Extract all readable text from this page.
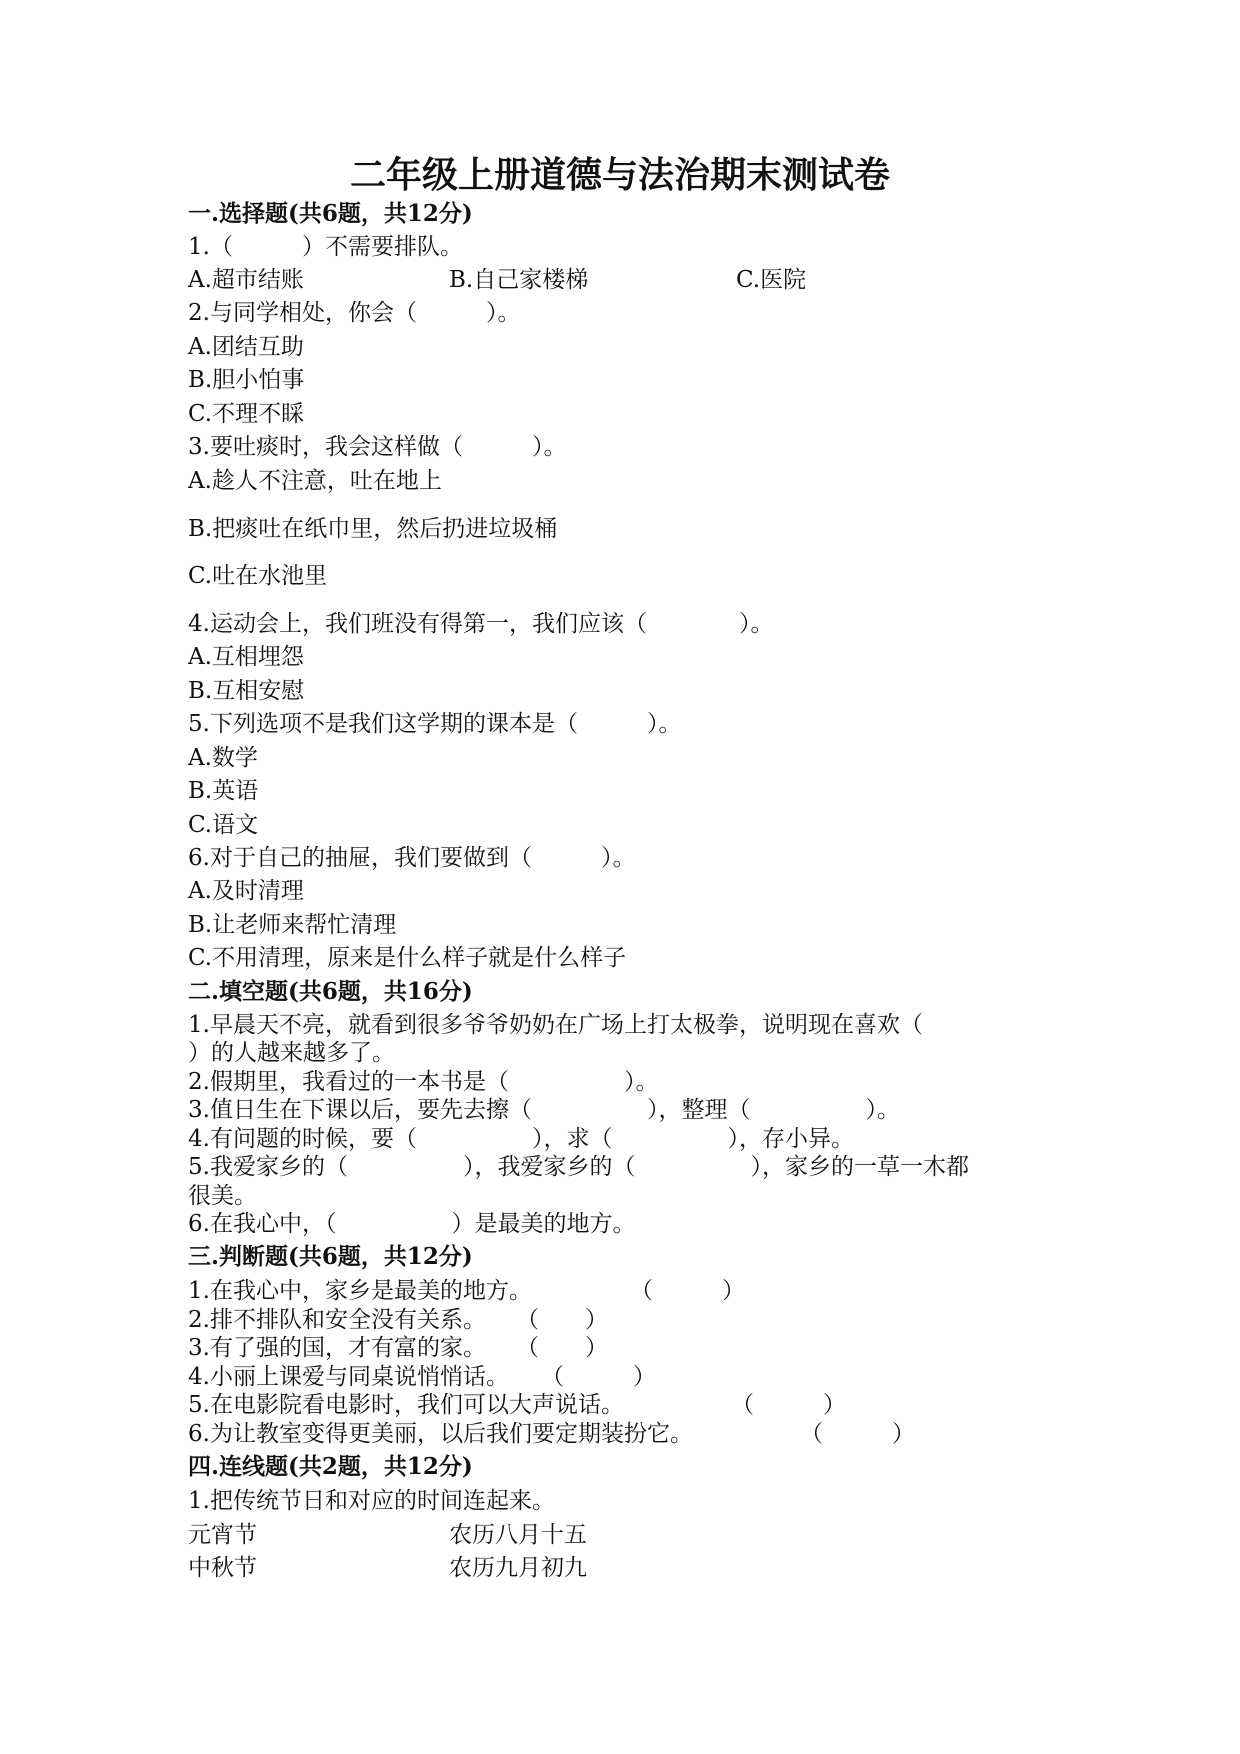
二年级上册道德与法治期末测试卷
一.选择题(共6题，共12分)
1.（　　　）不需要排队。
A.超市结账	B.自己家楼梯	C.医院
2.与同学相处，你会（　　　）。
A.团结互助
B.胆小怕事
C.不理不睬
3.要吐痰时，我会这样做（　　　）。
A.趁人不注意，吐在地上
B.把痰吐在纸巾里，然后扔进垃圾桶
C.吐在水池里
4.运动会上，我们班没有得第一，我们应该（　　　　）。
A.互相埋怨
B.互相安慰
5.下列选项不是我们这学期的课本是（　　　）。
A.数学
B.英语
C.语文
6.对于自己的抽屉，我们要做到（　　　）。
A.及时清理
B.让老师来帮忙清理
C.不用清理，原来是什么样子就是什么样子
二.填空题(共6题，共16分)
1.早晨天不亮，就看到很多爷爷奶奶在广场上打太极拳，说明现在喜欢（
）的人越来越多了。
2.假期里，我看过的一本书是（　　　　　）。
3.值日生在下课以后，要先去擦（　　　　　），整理（　　　　　）。
4.有问题的时候，要（　　　　　），求（　　　　　），存小异。
5.我爱家乡的（　　　　　），我爱家乡的（　　　　　），家乡的一草一木都
很美。
6.在我心中，（　　　　　）是最美的地方。
三.判断题(共6题，共12分)
1.在我心中，家乡是最美的地方。	（　　　）
2.排不排队和安全没有关系。 （　　）
3.有了强的国，才有富的家。 （　　）
4.小丽上课爱与同桌说悄悄话。 （　　　）
5.在电影院看电影时，我们可以大声说话。	（　　　）
6.为让教室变得更美丽，以后我们要定期装扮它。	（　　　）
四.连线题(共2题，共12分)
1.把传统节日和对应的时间连起来。
元宵节	农历八月十五
中秋节	农历九月初九
